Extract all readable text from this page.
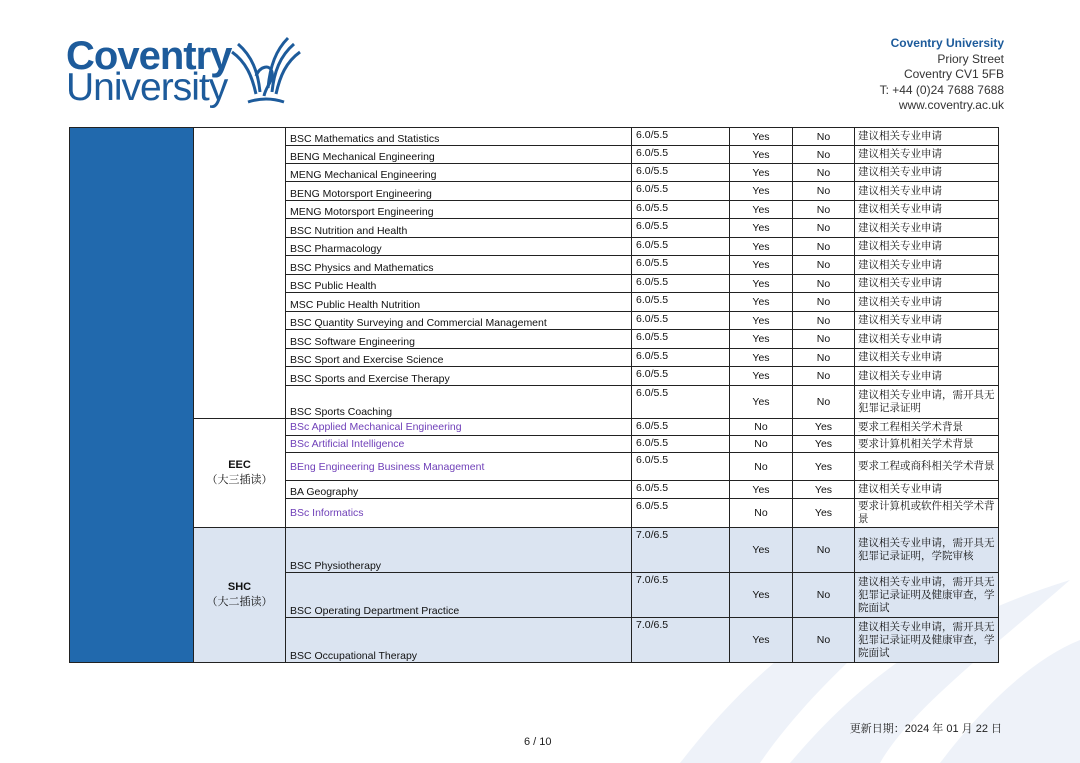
Coventry
University
Coventry University
Priory Street
Coventry CV1 5FB
T: +44 (0)24 7688 7688
www.coventry.ac.uk
		BSC Mathematics and Statistics	6.0/5.5	Yes	No	建议相关专业申请
		BENG Mechanical Engineering	6.0/5.5	Yes	No	建议相关专业申请
		MENG Mechanical Engineering	6.0/5.5	Yes	No	建议相关专业申请
		BENG Motorsport Engineering	6.0/5.5	Yes	No	建议相关专业申请
		MENG Motorsport Engineering	6.0/5.5	Yes	No	建议相关专业申请
		BSC Nutrition and Health	6.0/5.5	Yes	No	建议相关专业申请
		BSC Pharmacology	6.0/5.5	Yes	No	建议相关专业申请
		BSC Physics and Mathematics	6.0/5.5	Yes	No	建议相关专业申请
		BSC Public Health	6.0/5.5	Yes	No	建议相关专业申请
		MSC Public Health Nutrition	6.0/5.5	Yes	No	建议相关专业申请
		BSC Quantity Surveying and Commercial Management	6.0/5.5	Yes	No	建议相关专业申请
		BSC Software Engineering	6.0/5.5	Yes	No	建议相关专业申请
		BSC Sport and Exercise Science	6.0/5.5	Yes	No	建议相关专业申请
		BSC Sports and Exercise Therapy	6.0/5.5	Yes	No	建议相关专业申请
		BSC Sports Coaching	6.0/5.5	Yes	No	建议相关专业申请，需开具无犯罪记录证明

	EEC
（大三插读）	BSc Applied Mechanical Engineering	6.0/5.5	No	Yes	要求工程相关学术背景
		BSc Artificial Intelligence	6.0/5.5	No	Yes	要求计算机相关学术背景
		BEng Engineering Business Management	6.0/5.5	No	Yes	要求工程或商科相关学术背景
		BA Geography	6.0/5.5	Yes	Yes	建议相关专业申请
		BSc Informatics	6.0/5.5	No	Yes	要求计算机或软件相关学术背景

	SHC
（大二插读）	BSC Physiotherapy	7.0/6.5	Yes	No	建议相关专业申请，需开具无犯罪记录证明，学院审核
		BSC Operating Department Practice	7.0/6.5	Yes	No	建议相关专业申请，需开具无犯罪记录证明及健康审查，学院面试
		BSC Occupational Therapy	7.0/6.5	Yes	No	建议相关专业申请，需开具无犯罪记录证明及健康审查，学院面试
更新日期：2024 年 01 月 22 日
6 / 10
